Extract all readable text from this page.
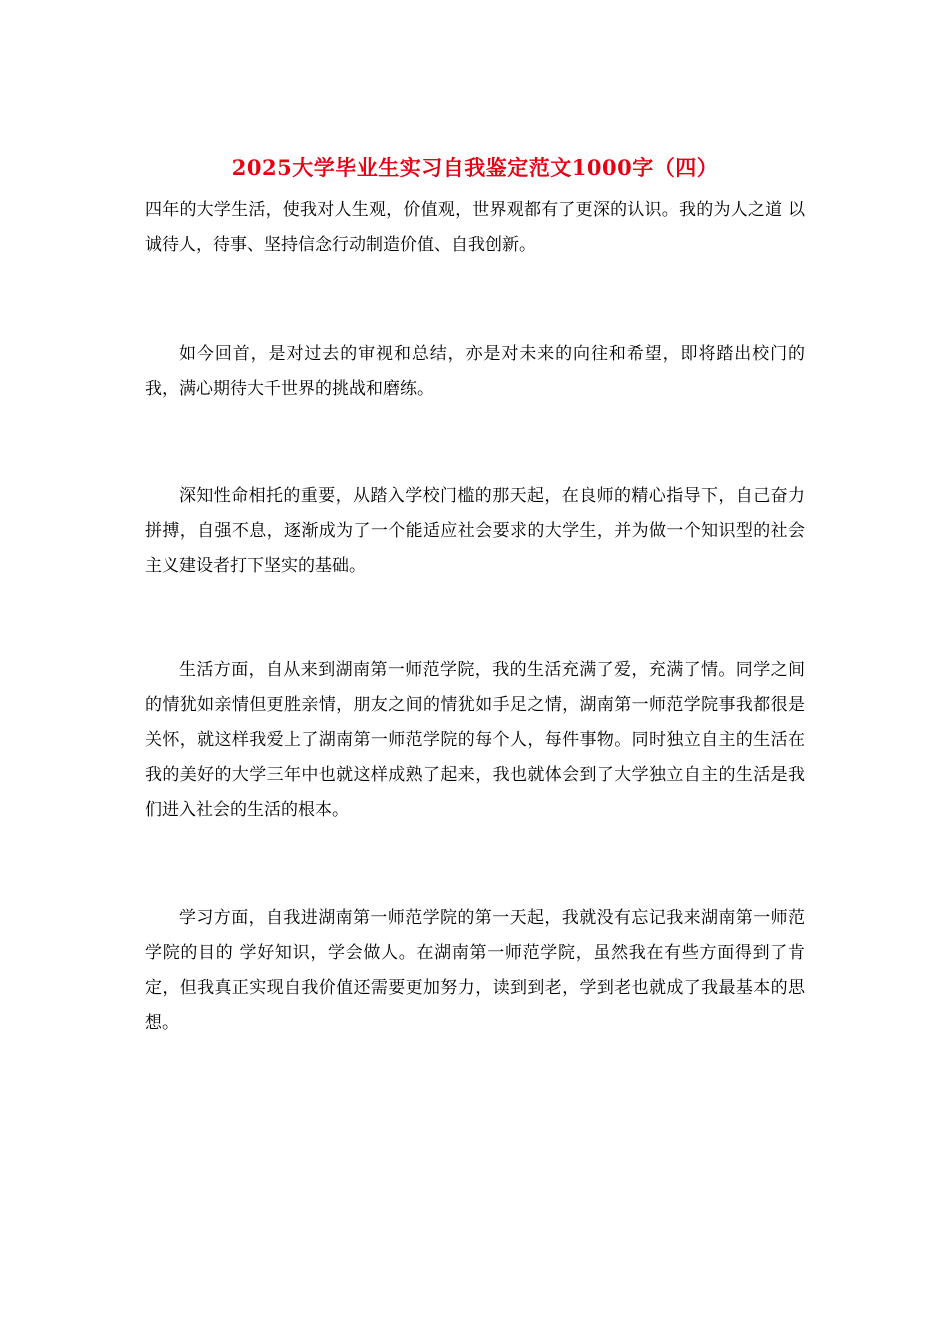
2025大学毕业生实习自我鉴定范文1000字（四）

四年的大学生活，使我对人生观，价值观，世界观都有了更深的认识。我的为人之道 以诚待人，待事、坚持信念行动制造价值、自我创新。

如今回首，是对过去的审视和总结，亦是对未来的向往和希望，即将踏出校门的我，满心期待大千世界的挑战和磨练。

深知性命相托的重要，从踏入学校门槛的那天起，在良师的精心指导下，自己奋力拼搏，自强不息，逐渐成为了一个能适应社会要求的大学生，并为做一个知识型的社会主义建设者打下坚实的基础。

生活方面，自从来到湖南第一师范学院，我的生活充满了爱，充满了情。同学之间的情犹如亲情但更胜亲情，朋友之间的情犹如手足之情，湖南第一师范学院事我都很是关怀，就这样我爱上了湖南第一师范学院的每个人，每件事物。同时独立自主的生活在我的美好的大学三年中也就这样成熟了起来，我也就体会到了大学独立自主的生活是我们进入社会的生活的根本。

学习方面，自我进湖南第一师范学院的第一天起，我就没有忘记我来湖南第一师范学院的目的 学好知识，学会做人。在湖南第一师范学院，虽然我在有些方面得到了肯定，但我真正实现自我价值还需要更加努力，读到到老，学到老也就成了我最基本的思想。
